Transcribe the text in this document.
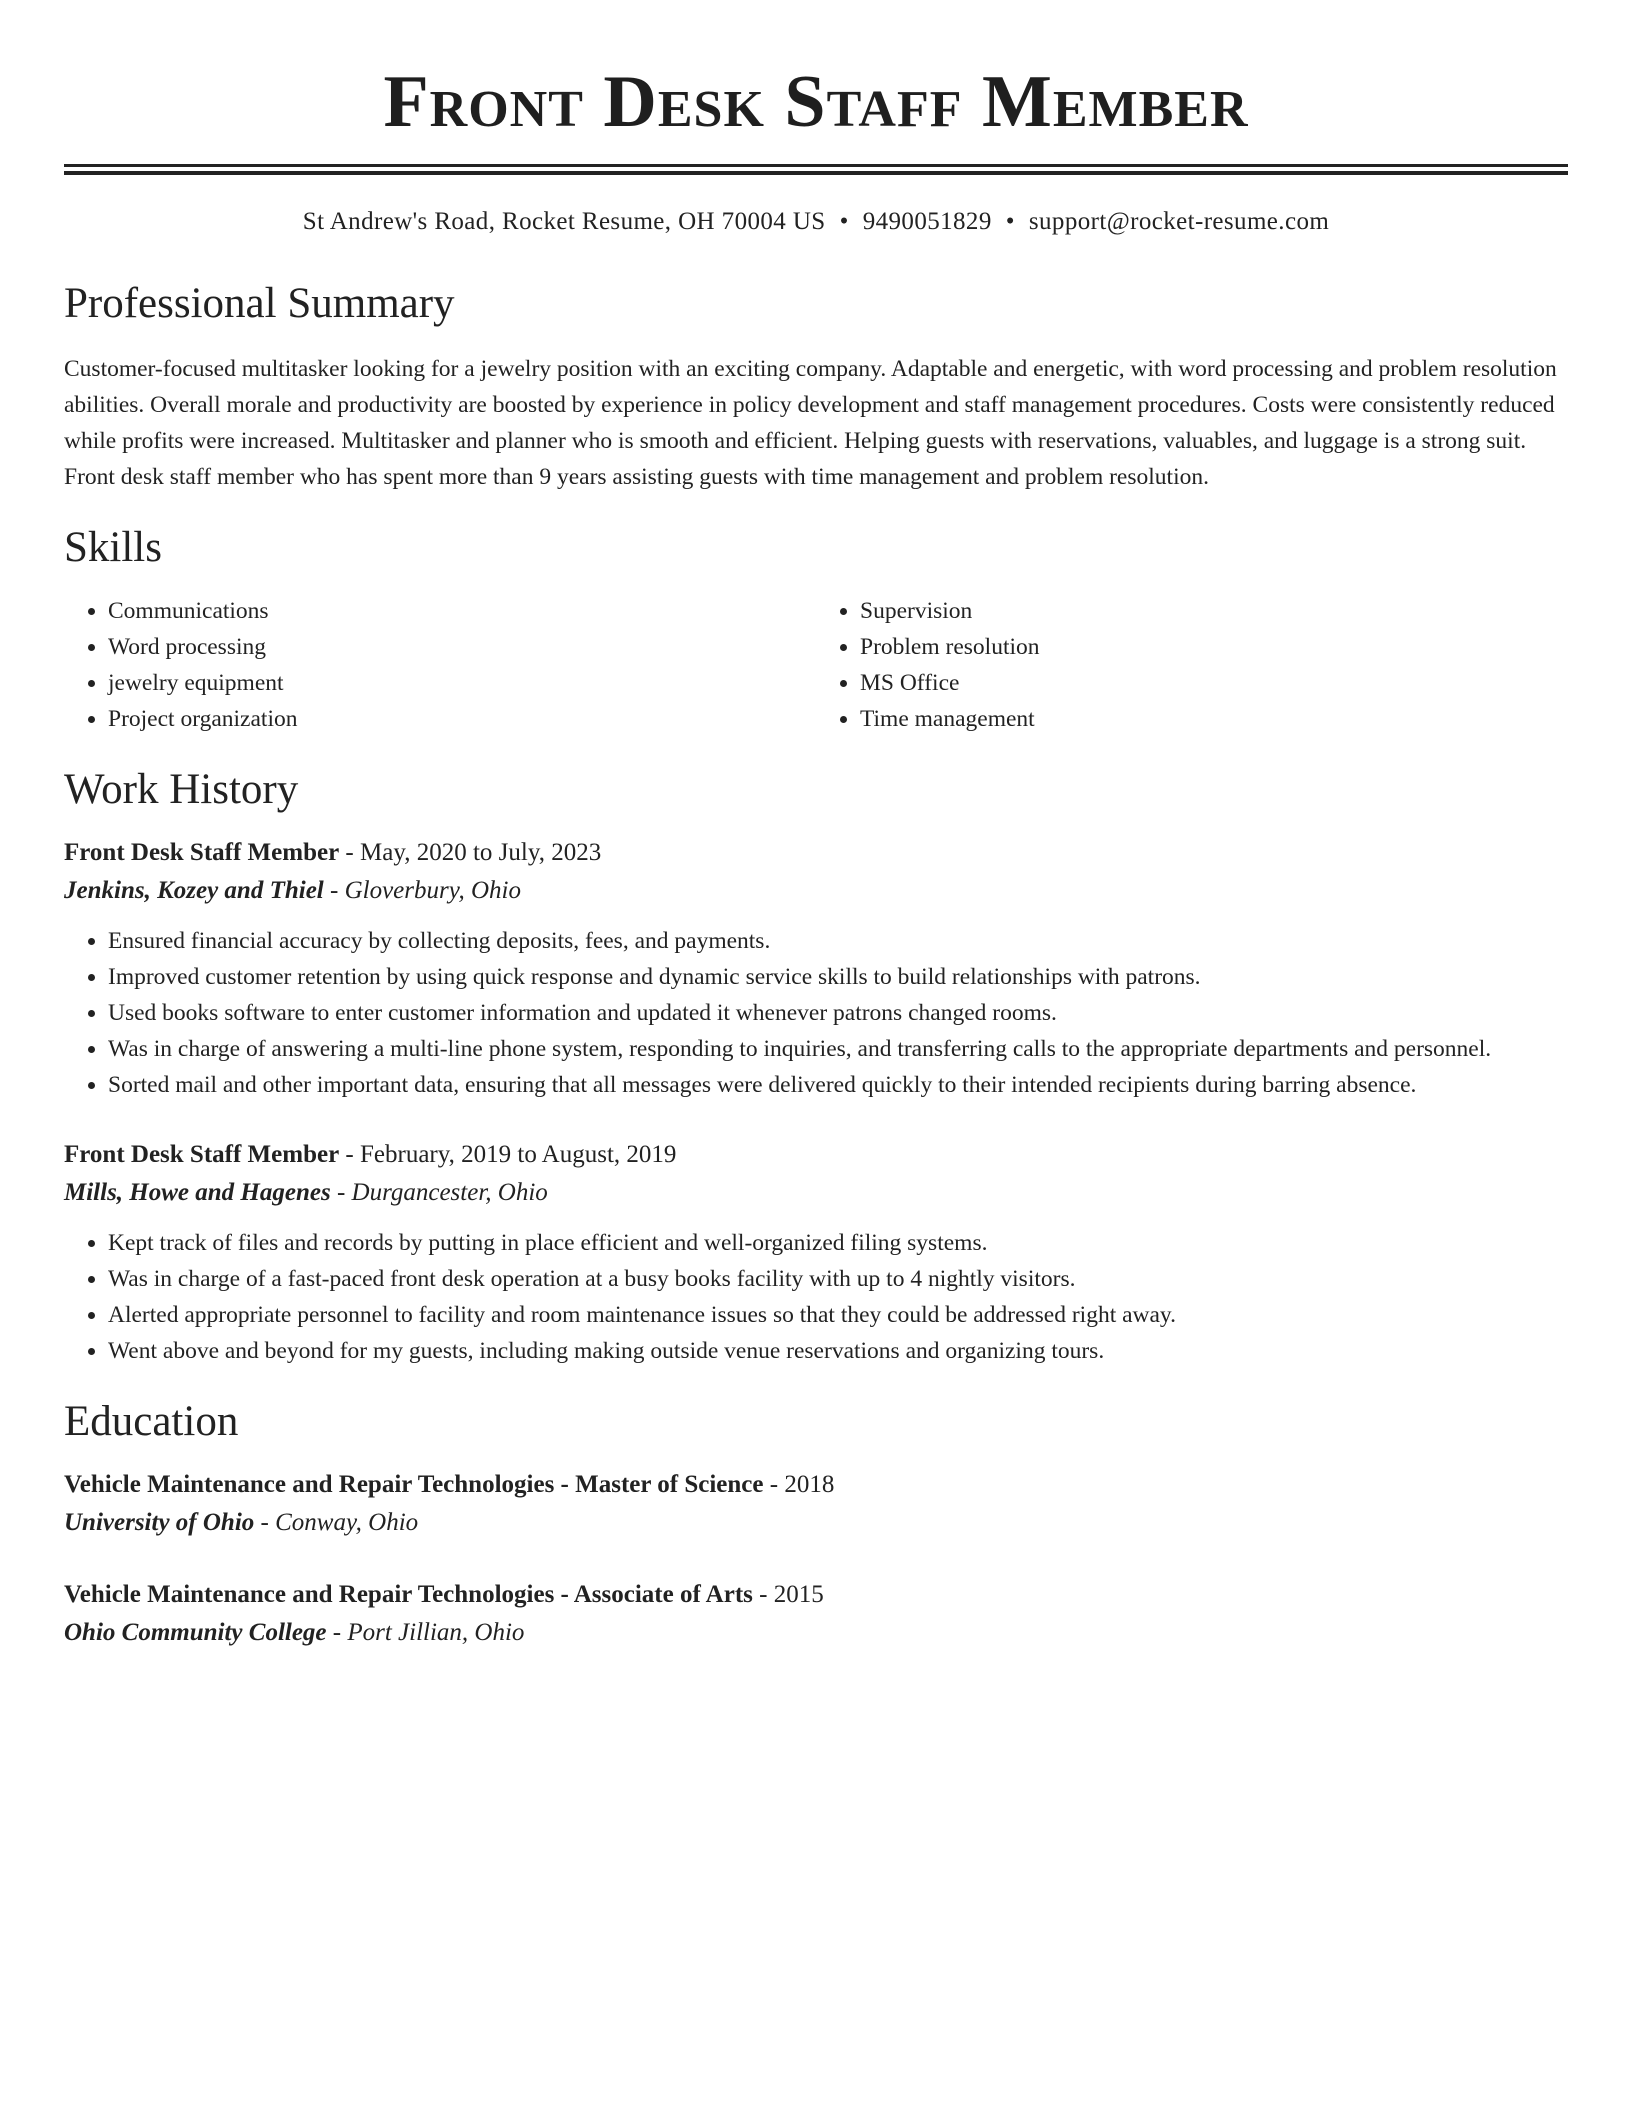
Front Desk Staff Member
St Andrew's Road, Rocket Resume, OH 70004 US • 9490051829 • support@rocket-resume.com
Professional Summary

Customer-focused multitasker looking for a jewelry position with an exciting company. Adaptable and energetic, with word processing and problem resolution abilities. Overall morale and productivity are boosted by experience in policy development and staff management procedures. Costs were consistently reduced while profits were increased. Multitasker and planner who is smooth and efficient. Helping guests with reservations, valuables, and luggage is a strong suit. Front desk staff member who has spent more than 9 years assisting guests with time management and problem resolution.

Skills
• Communications
• Word processing
• jewelry equipment
• Project organization
• Supervision
• Problem resolution
• MS Office
• Time management
Work History
Front Desk Staff Member - May, 2020 to July, 2023
Jenkins, Kozey and Thiel - Gloverbury, Ohio
• Ensured financial accuracy by collecting deposits, fees, and payments.
• Improved customer retention by using quick response and dynamic service skills to build relationships with patrons.
• Used books software to enter customer information and updated it whenever patrons changed rooms.
• Was in charge of answering a multi-line phone system, responding to inquiries, and transferring calls to the appropriate departments and personnel.
• Sorted mail and other important data, ensuring that all messages were delivered quickly to their intended recipients during barring absence.
Front Desk Staff Member - February, 2019 to August, 2019
Mills, Howe and Hagenes - Durgancester, Ohio
• Kept track of files and records by putting in place efficient and well-organized filing systems.
• Was in charge of a fast-paced front desk operation at a busy books facility with up to 4 nightly visitors.
• Alerted appropriate personnel to facility and room maintenance issues so that they could be addressed right away.
• Went above and beyond for my guests, including making outside venue reservations and organizing tours.
Education
Vehicle Maintenance and Repair Technologies - Master of Science - 2018
University of Ohio - Conway, Ohio
Vehicle Maintenance and Repair Technologies - Associate of Arts - 2015
Ohio Community College - Port Jillian, Ohio
